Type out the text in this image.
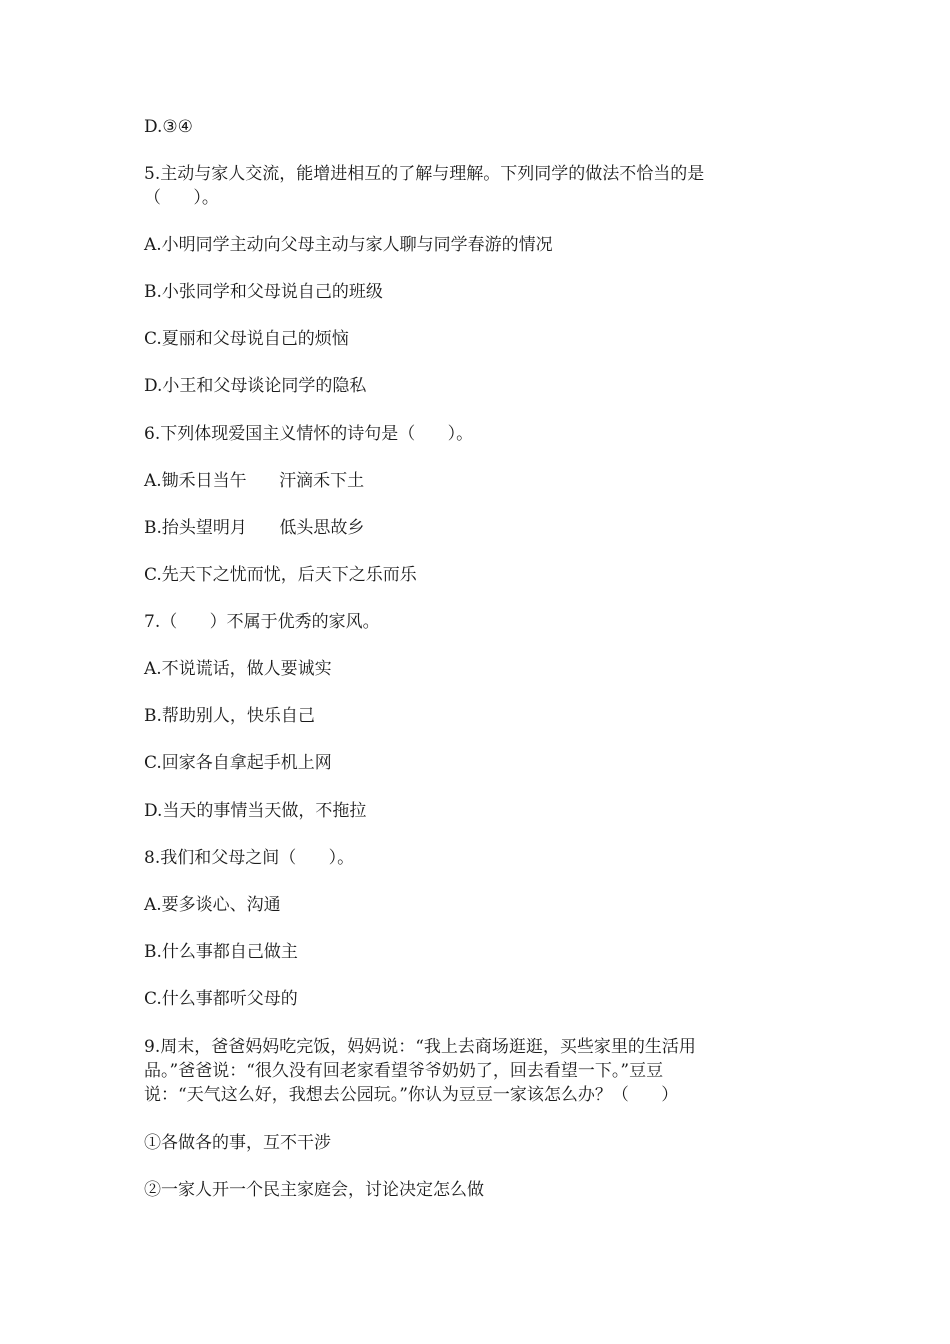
D.③④
5.主动与家人交流，能增进相互的了解与理解。下列同学的做法不恰当的是
（      ）。
A.小明同学主动向父母主动与家人聊与同学春游的情况
B.小张同学和父母说自己的班级
C.夏丽和父母说自己的烦恼
D.小王和父母谈论同学的隐私
6.下列体现爱国主义情怀的诗句是（      ）。
A.锄禾日当午      汗滴禾下土
B.抬头望明月      低头思故乡
C.先天下之忧而忧，后天下之乐而乐
7.（      ）不属于优秀的家风。
A.不说谎话，做人要诚实
B.帮助别人，快乐自己
C.回家各自拿起手机上网
D.当天的事情当天做，不拖拉
8.我们和父母之间（      ）。
A.要多谈心、沟通
B.什么事都自己做主
C.什么事都听父母的
9.周末，爸爸妈妈吃完饭，妈妈说：“我上去商场逛逛，买些家里的生活用
品。”爸爸说：“很久没有回老家看望爷爷奶奶了，回去看望一下。”豆豆
说：“天气这么好，我想去公园玩。”你认为豆豆一家该怎么办？（      ）
①各做各的事，互不干涉
②一家人开一个民主家庭会，讨论决定怎么做
